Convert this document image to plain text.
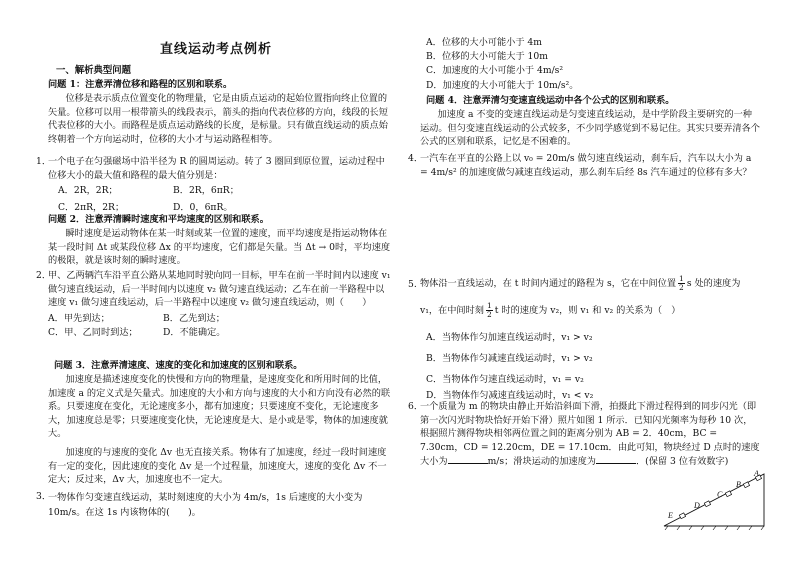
直线运动考点例析
一、解析典型问题
问题 1：注意弄清位移和路程的区别和联系。

位移是表示质点位置变化的物理量，它是由质点运动的起始位置指向终止位置的矢量。位移可以用一根带箭头的线段表示，箭头的指向代表位移的方向，线段的长短代表位移的大小。而路程是质点运动路线的长度，是标量。只有做直线运动的质点始终朝着一个方向运动时，位移的大小才与运动路程相等。

1．

一个电子在匀强磁场中沿半径为 R 的圆周运动。转了 3 圈回到原位置，运动过程中位移大小的最大值和路程的最大值分别是：

A．2R，2R；	B．2R，6πR；
C．2πR，2R；	D．0，6πR。
问题 2．注意弄清瞬时速度和平均速度的区别和联系。

瞬时速度是运动物体在某一时刻或某一位置的速度，而平均速度是指运动物体在某一段时间 Δt 或某段位移 Δx 的平均速度，它们都是矢量。当 Δt → 0时，平均速度的极限，就是该时刻的瞬时速度。

2．

甲、乙两辆汽车沿平直公路从某地同时驶向同一目标，甲车在前一半时间内以速度 v₁ 做匀速直线运动，后一半时间内以速度 v₂ 做匀速直线运动；乙车在前一半路程中以速度 v₁ 做匀速直线运动，后一半路程中以速度 v₂ 做匀速直线运动，则（　　）

A．甲先到达；	B．乙先到达；
C．甲、乙同时到达；	D．不能确定。
问题 3．注意弄清速度、速度的变化和加速度的区别和联系。

加速度是描述速度变化的快慢和方向的物理量，是速度变化和所用时间的比值，加速度 a 的定义式是矢量式。加速度的大小和方向与速度的大小和方向没有必然的联系。只要速度在变化，无论速度多小，都有加速度；只要速度不变化，无论速度多大，加速度总是零；只要速度变化快，无论速度是大、是小或是零，物体的加速度就大。

加速度的与速度的变化 Δv 也无直接关系。物体有了加速度，经过一段时间速度有一定的变化，因此速度的变化 Δv 是一个过程量，加速度大，速度的变化 Δv 不一定大；反过来，Δv 大，加速度也不一定大。

3．

一物体作匀变速直线运动，某时刻速度的大小为 4m/s，1s 后速度的大小变为 10m/s。在这 1s 内该物体的(　　)。

A．位移的大小可能小于 4m

B．位移的大小可能大于 10m

C．加速度的大小可能小于 4m/s²

D．加速度的大小可能大于 10m/s²。

问题 4．注意弄清匀变速直线运动中各个公式的区别和联系。

加速度 a 不变的变速直线运动是匀变速直线运动，是中学阶段主要研究的一种运动。但匀变速直线运动的公式较多，不少同学感觉到不易记住。其实只要弄清各个公式的区别和联系，记忆是不困难的。

4．

一汽车在平直的公路上以 v₀ = 20m/s 做匀速直线运动，刹车后，汽车以大小为 a = 4m/s² 的加速度做匀减速直线运动，那么刹车后经 8s 汽车通过的位移有多大？

5. 物体沿一直线运动，在 t 时间内通过的路程为 s，它在中间位置 $\frac{1}{2}$ s 处的速度为 v₁，在中间时刻 $\frac{1}{2}$ t 时的速度为 v₂，则 v₁ 和 v₂ 的关系为（　）

A．当物体作匀加速直线运动时，v₁ > v₂

B．当物体作匀减速直线运动时，v₁ > v₂

C．当物体作匀速直线运动时，v₁ = v₂

D．当物体作匀减速直线运动时，v₁ < v₂

6．

一个质量为 m 的物块由静止开始沿斜面下滑，拍摄此下滑过程得到的同步闪光（即第一次闪光时物块恰好开始下滑）照片如图 1 所示．已知闪光频率为每秒 10 次，根据照片测得物块相邻两位置之间的距离分别为 AB = 2．40cm，BC = 7.30cm，CD = 12.20cm，DE = 17.10cm．由此可知，物块经过 D 点时的速度大小为	m/s；滑块运动的加速度为	．(保留 3 位有效数字)

E
D
C
B
A
